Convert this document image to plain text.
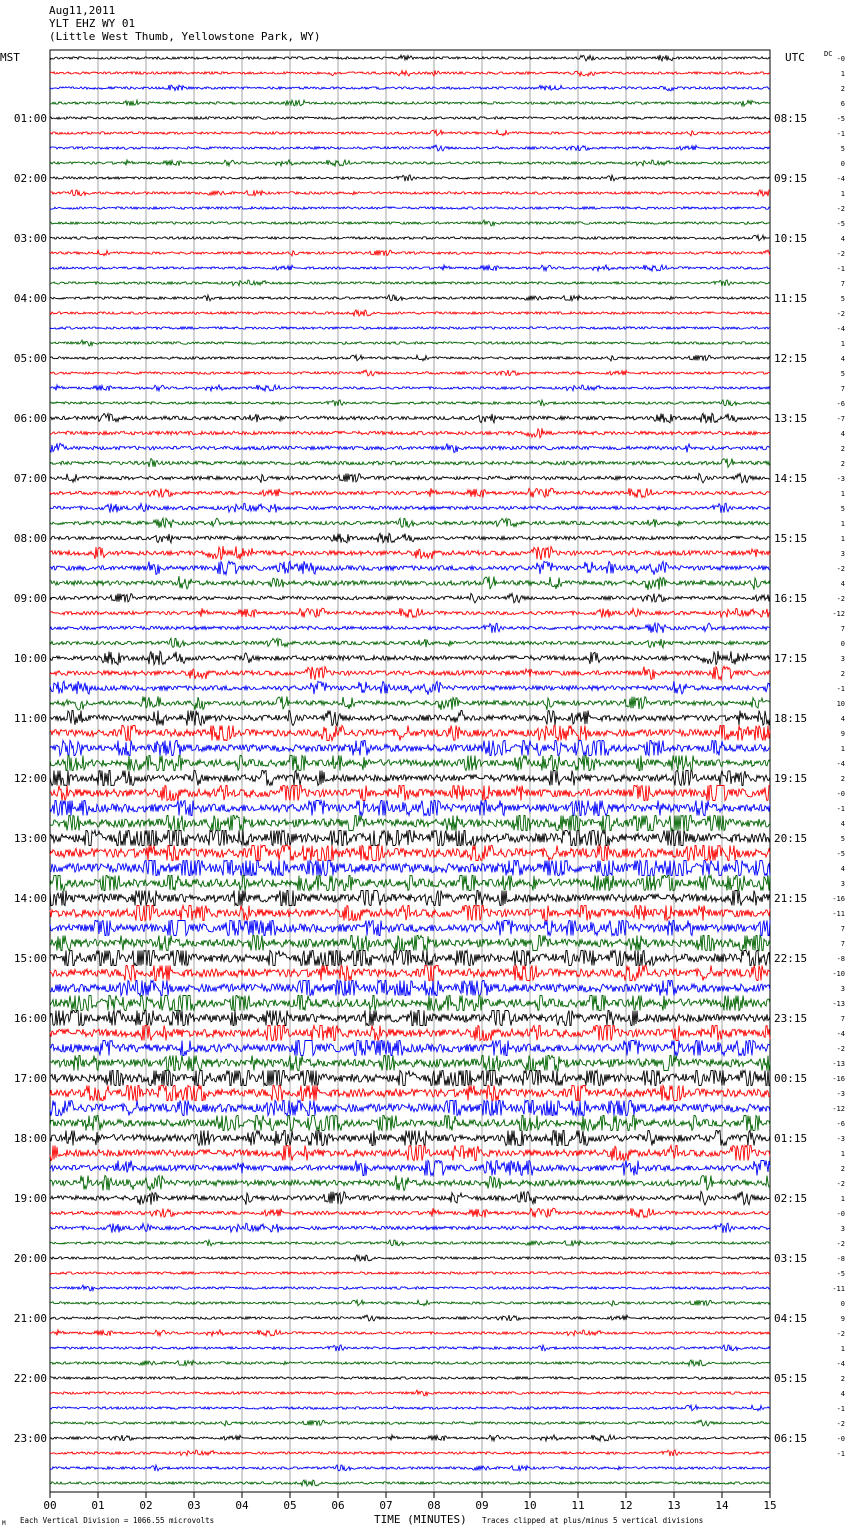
Aug11,2011
YLT EHZ WY 01
(Little West Thumb, Yellowstone Park, WY)
MST	UTC	DC
01:00
02:00
03:00
04:00
05:00
06:00
07:00
08:00
09:00
10:00
11:00
12:00
13:00
14:00
15:00
16:00
17:00
18:00
19:00
20:00
21:00
22:00
23:00
08:15
09:15
10:15
11:15
12:15
13:15
14:15
15:15
16:15
17:15
18:15
19:15
20:15
21:15
22:15
23:15
00:15
01:15
02:15
03:15
04:15
05:15
06:15
-0
1
2
6
-5
-1
5
0
-4
1
-2
-5
4
-2
-1
7
5
-2
-4
1
4
5
7
-6
-7
4
2
2
-3
1
5
1
1
3
-2
4
-2
-12
7
0
3
2
-1
10
4
9
1
-4
2
-0
-1
4
5
-5
4
3
-16
-11
7
7
-8
-10
3
-13
7
-4
-2
-13
-16
-3
-12
-6
-3
1
2
-2
1
-0
3
-2
-8
-5
-11
0
9
-2
1
-4
2
4
-1
-2
-0
-1
00	01	02	03	04	05	06	07	08	09	10	11	12	13	14	15
M Each Vertical Division = 1066.55 microvolts	TIME (MINUTES) Traces clipped at plus/minus 5 vertical divisions
